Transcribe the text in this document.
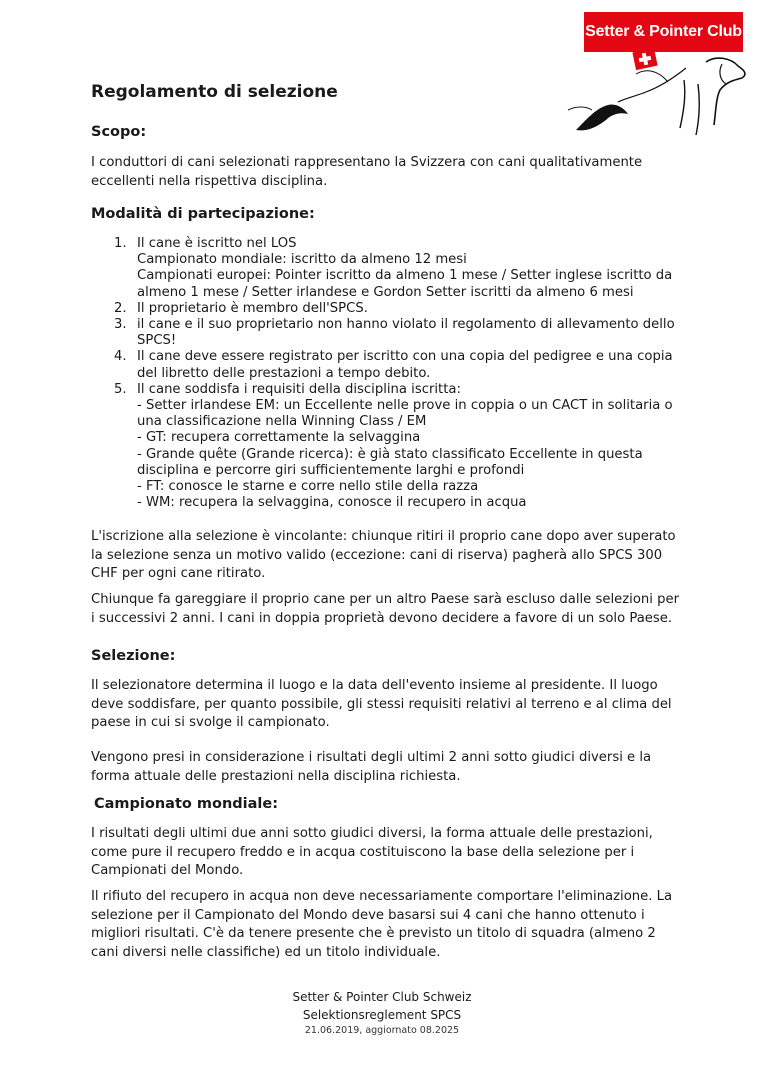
Setter & Pointer Club
Regolamento di selezione
Scopo:

I conduttori di cani selezionati rappresentano la Svizzera con cani qualitativamente eccellenti nella rispettiva disciplina.

Modalità di partecipazione:
1. Il cane è iscritto nel LOS
Campionato mondiale: iscritto da almeno 12 mesi
Campionati europei: Pointer iscritto da almeno 1 mese / Setter inglese iscritto da almeno 1 mese / Setter irlandese e Gordon Setter iscritti da almeno 6 mesi
2. Il proprietario è membro dell'SPCS.
3. il cane e il suo proprietario non hanno violato il regolamento di allevamento dello SPCS!
4. Il cane deve essere registrato per iscritto con una copia del pedigree e una copia del libretto delle prestazioni a tempo debito.
5. Il cane soddisfa i requisiti della disciplina iscritta:
- Setter irlandese EM: un Eccellente nelle prove in coppia o un CACT in solitaria o una classificazione nella Winning Class / EM
- GT: recupera correttamente la selvaggina
- Grande quête (Grande ricerca): è già stato classificato Eccellente in questa disciplina e percorre giri sufficientemente larghi e profondi
- FT: conosce le starne e corre nello stile della razza
- WM: recupera la selvaggina, conosce il recupero in acqua

L'iscrizione alla selezione è vincolante: chiunque ritiri il proprio cane dopo aver superato la selezione senza un motivo valido (eccezione: cani di riserva) pagherà allo SPCS 300 CHF per ogni cane ritirato.

Chiunque fa gareggiare il proprio cane per un altro Paese sarà escluso dalle selezioni per i successivi 2 anni. I cani in doppia proprietà devono decidere a favore di un solo Paese.

Selezione:

Il selezionatore determina il luogo e la data dell'evento insieme al presidente. Il luogo deve soddisfare, per quanto possibile, gli stessi requisiti relativi al terreno e al clima del paese in cui si svolge il campionato.

Vengono presi in considerazione i risultati degli ultimi 2 anni sotto giudici diversi e la forma attuale delle prestazioni nella disciplina richiesta.

Campionato mondiale:

I risultati degli ultimi due anni sotto giudici diversi, la forma attuale delle prestazioni, come pure il recupero freddo e in acqua costituiscono la base della selezione per i Campionati del Mondo.

Il rifiuto del recupero in acqua non deve necessariamente comportare l'eliminazione. La selezione per il Campionato del Mondo deve basarsi sui 4 cani che hanno ottenuto i migliori risultati. C'è da tenere presente che è previsto un titolo di squadra (almeno 2 cani diversi nelle classifiche) ed un titolo individuale.

Setter & Pointer Club Schweiz
Selektionsreglement SPCS
21.06.2019, aggiornato 08.2025
